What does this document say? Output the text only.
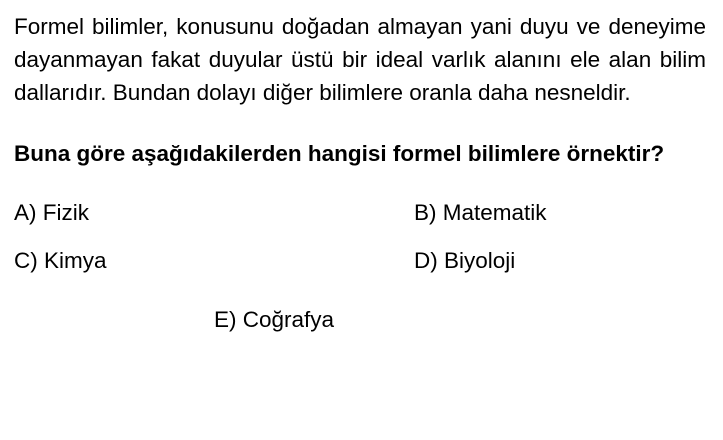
Formel bilimler, konusunu doğadan almayan yani duyu ve deneyime dayanmayan fakat duyular üstü bir ideal varlık alanını ele alan bilim dallarıdır. Bundan dolayı diğer bilimlere oranla daha nesneldir.

Buna göre aşağıdakilerden hangisi formel bilimlere örnektir?

A) Fizik	B) Matematik
C) Kimya	D) Biyoloji
E) Coğrafya
